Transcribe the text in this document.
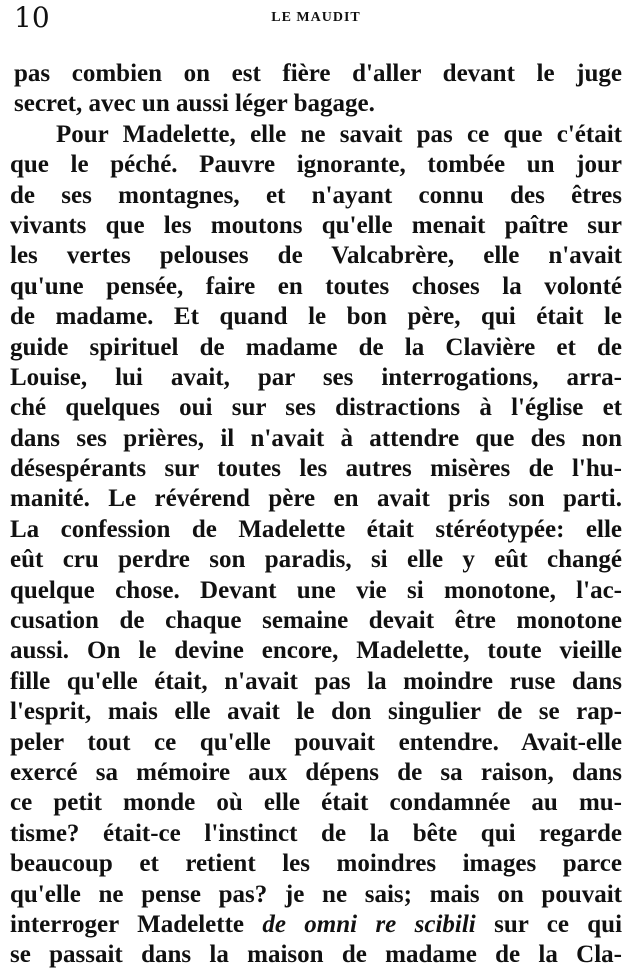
10	LE MAUDIT
pas combien on est fière d'aller devant le juge
secret, avec un aussi léger bagage.
Pour Madelette, elle ne savait pas ce que c'était
que le péché. Pauvre ignorante, tombée un jour
de ses montagnes, et n'ayant connu des êtres
vivants que les moutons qu'elle menait paître sur
les vertes pelouses de Valcabrère, elle n'avait
qu'une pensée, faire en toutes choses la volonté
de madame. Et quand le bon père, qui était le
guide spirituel de madame de la Clavière et de
Louise, lui avait, par ses interrogations, arra-
ché quelques oui sur ses distractions à l'église et
dans ses prières, il n'avait à attendre que des non
désespérants sur toutes les autres misères de l'hu-
manité. Le révérend père en avait pris son parti.
La confession de Madelette était stéréotypée: elle
eût cru perdre son paradis, si elle y eût changé
quelque chose. Devant une vie si monotone, l'ac-
cusation de chaque semaine devait être monotone
aussi. On le devine encore, Madelette, toute vieille
fille qu'elle était, n'avait pas la moindre ruse dans
l'esprit, mais elle avait le don singulier de se rap-
peler tout ce qu'elle pouvait entendre. Avait-elle
exercé sa mémoire aux dépens de sa raison, dans
ce petit monde où elle était condamnée au mu-
tisme? était-ce l'instinct de la bête qui regarde
beaucoup et retient les moindres images parce
qu'elle ne pense pas? je ne sais; mais on pouvait
interroger Madelette de omni re scibili sur ce qui
se passait dans la maison de madame de la Cla-
